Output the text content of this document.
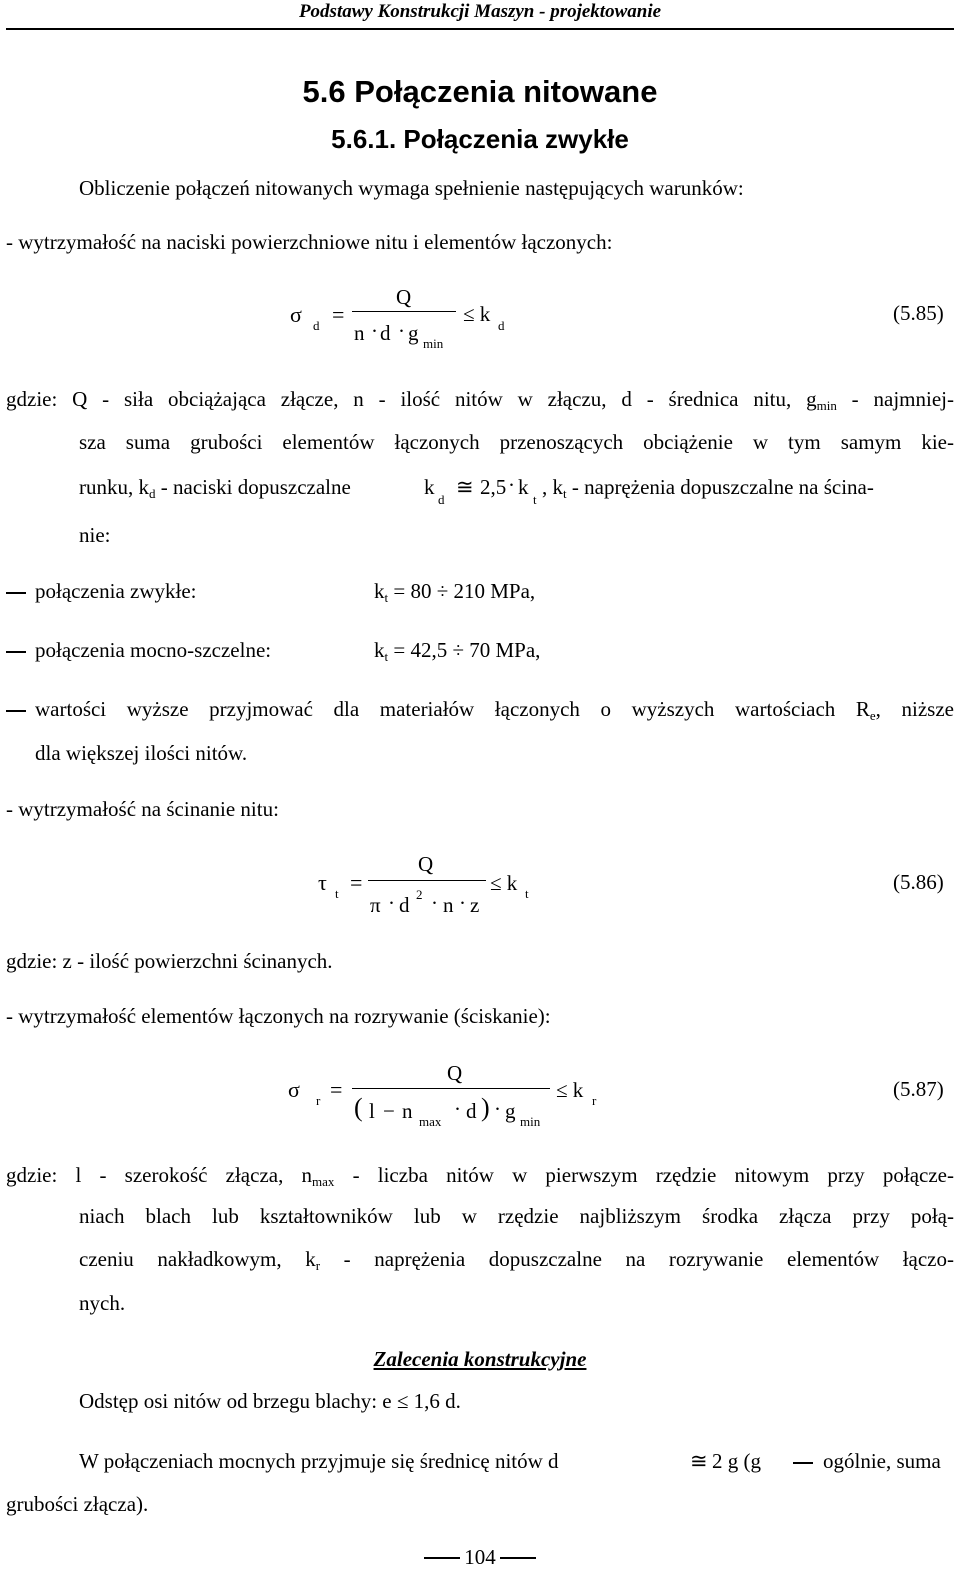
Podstawy Konstrukcji Maszyn - projektowanie
5.6 Połączenia nitowane
5.6.1. Połączenia zwykłe
Obliczenie połączeń nitowanych wymaga spełnienie następujących warunków:
- wytrzymałość na naciski powierzchniowe nitu i elementów łączonych:
σ d =
Q
n · d · g min
≤ k d
(5.85)
gdzie: Q - siła obciążająca złącze, n - ilość nitów w złączu, d - średnica nitu, $g_{min}$ - najmniej-
sza suma grubości elementów łączonych przenoszących obciążenie w tym samym kie-
runku, $k_d$ - naciski dopuszczalne	k
d
≅ 2,5 · k
t
, $k_t$ - naprężenia dopuszczalne na ścina-
nie:
połączenia zwykłe:	$k_t = 80 \div 210$ MPa,
połączenia mocno-szczelne:	$k_t = 42,5 \div 70$ MPa,
wartości wyższe przyjmować dla materiałów łączonych o wyższych wartościach $R_e$, niższe
dla większej ilości nitów.
- wytrzymałość na ścinanie nitu:
τ t =
Q
π · d 2 · n · z
≤ k t	(5.86)
gdzie: z - ilość powierzchni ścinanych.
- wytrzymałość elementów łączonych na rozrywanie (ściskanie):
σ r =
Q
( l − n max
· d ) · g min
≤ k r	(5.87)
gdzie: l - szerokość złącza, $n_{max}$ - liczba nitów w pierwszym rzędzie nitowym przy połącze-
niach blach lub kształtowników lub w rzędzie najbliższym środka złącza przy połą-
czeniu nakładkowym, $k_r$ - naprężenia dopuszczalne na rozrywanie elementów łączo-
nych.
Zalecenia konstrukcyjne
Odstęp osi nitów od brzegu blachy: e ≤ 1,6 d.
W połączeniach mocnych przyjmuje się średnicę nitów d	≅ 2 g (g	ogólnie, suma
grubości złącza).
104
